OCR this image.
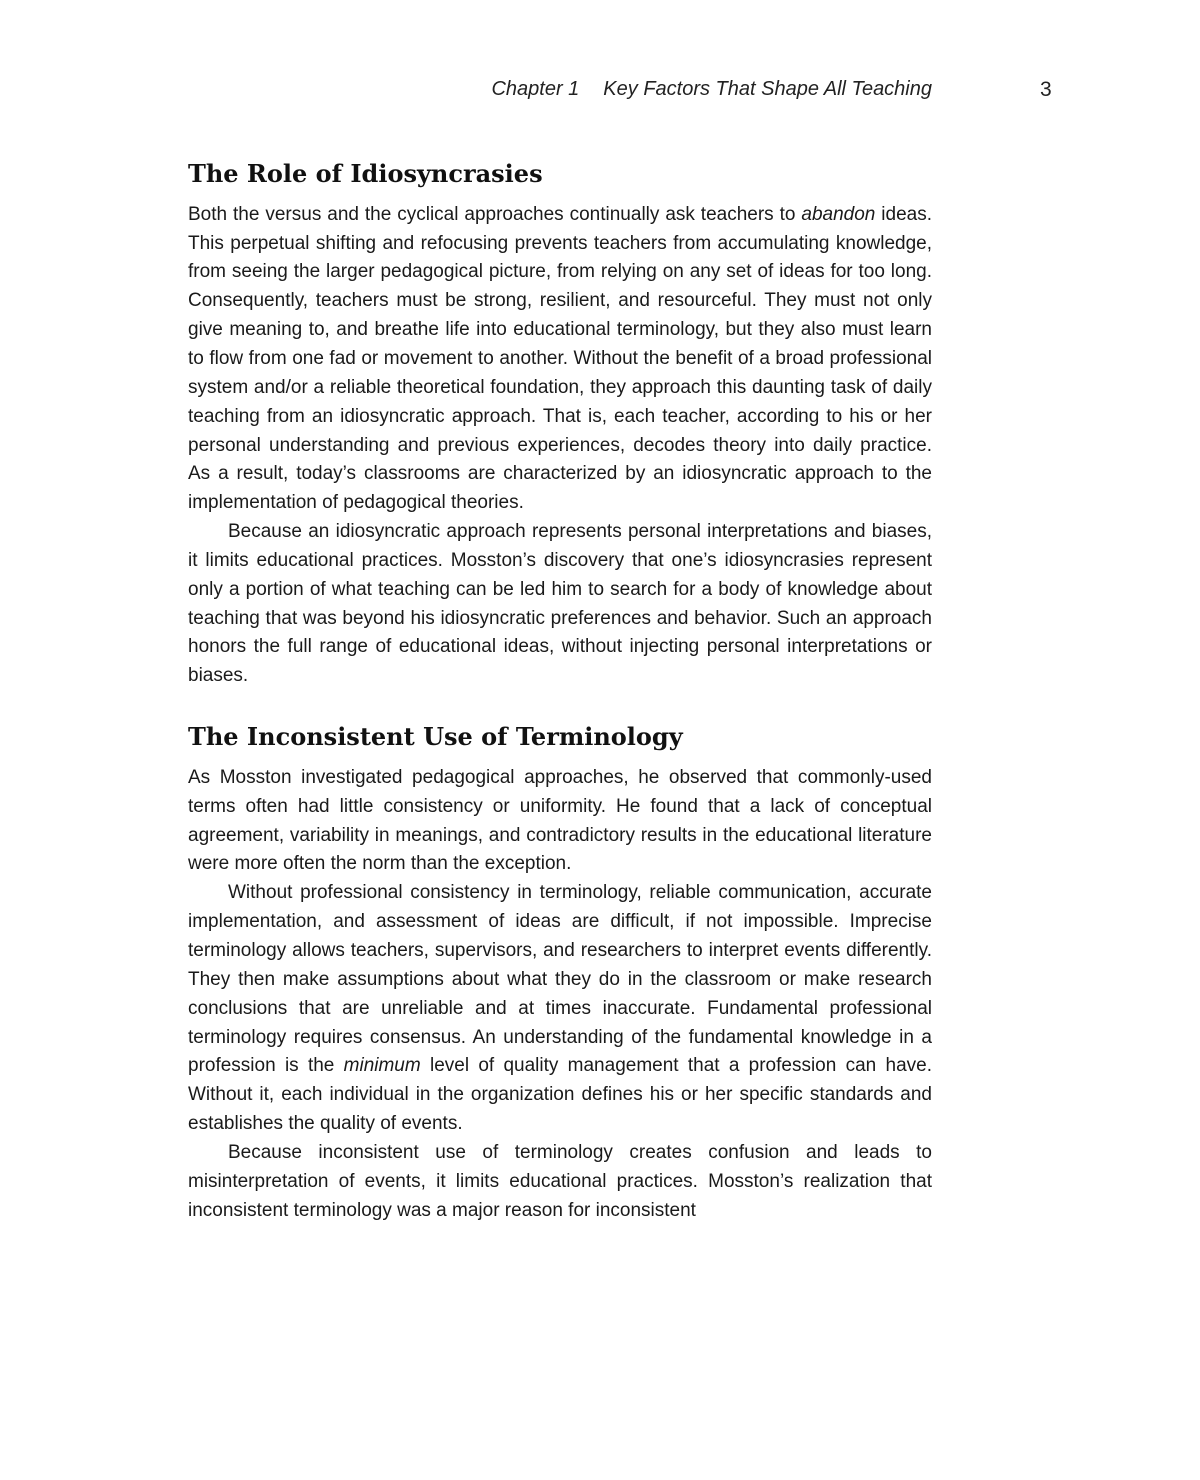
Chapter 1 Key Factors That Shape All Teaching	3
The Role of Idiosyncrasies

Both the versus and the cyclical approaches continually ask teachers to abandon ideas. This perpetual shifting and refocusing prevents teachers from accumulating knowledge, from seeing the larger pedagogical picture, from relying on any set of ideas for too long. Consequently, teachers must be strong, resilient, and resourceful. They must not only give meaning to, and breathe life into educational terminology, but they also must learn to flow from one fad or movement to another. Without the benefit of a broad professional system and/or a reliable theoretical foundation, they approach this daunting task of daily teaching from an idiosyncratic approach. That is, each teacher, according to his or her personal understanding and previous experiences, decodes theory into daily practice. As a result, today’s classrooms are characterized by an idiosyncratic approach to the implementation of pedagogical theories.

Because an idiosyncratic approach represents personal interpretations and biases, it limits educational practices. Mosston’s discovery that one’s idiosyncrasies represent only a portion of what teaching can be led him to search for a body of knowledge about teaching that was beyond his idiosyncratic preferences and behavior. Such an approach honors the full range of educational ideas, without injecting personal interpretations or biases.

The Inconsistent Use of Terminology

As Mosston investigated pedagogical approaches, he observed that commonly-used terms often had little consistency or uniformity. He found that a lack of conceptual agreement, variability in meanings, and contradictory results in the educational literature were more often the norm than the exception.

Without professional consistency in terminology, reliable communication, accurate implementation, and assessment of ideas are difficult, if not impossible. Imprecise terminology allows teachers, supervisors, and researchers to interpret events differently. They then make assumptions about what they do in the classroom or make research conclusions that are unreliable and at times inaccurate. Fundamental professional terminology requires consensus. An understanding of the fundamental knowledge in a profession is the minimum level of quality management that a profession can have. Without it, each individual in the organization defines his or her specific standards and establishes the quality of events.

Because inconsistent use of terminology creates confusion and leads to misinterpretation of events, it limits educational practices. Mosston’s realization that inconsistent terminology was a major reason for inconsistent
